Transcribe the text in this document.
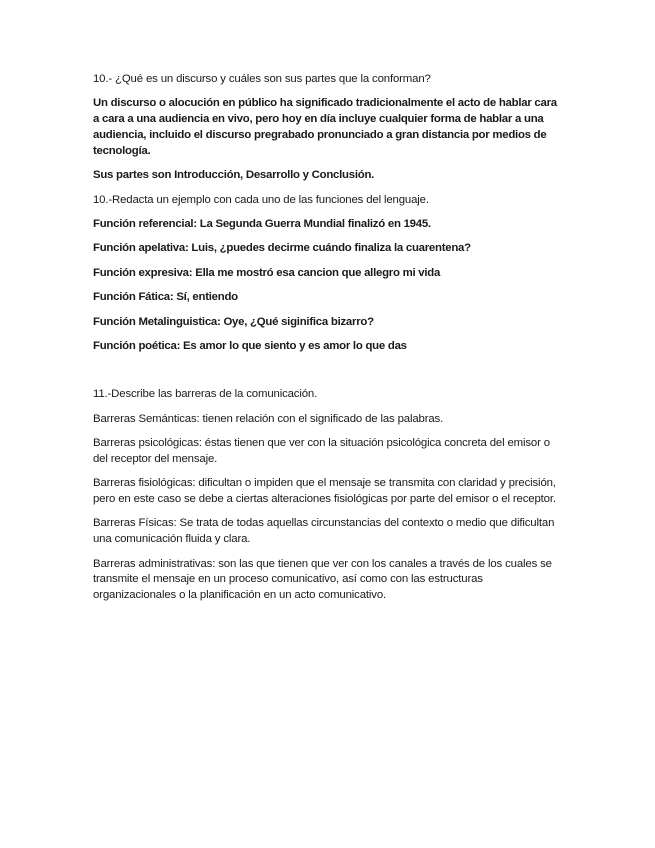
10.- ¿Qué es un discurso y cuáles son sus partes que la conforman?

Un discurso o alocución en público ha significado tradicionalmente el acto de hablar cara a cara a una audiencia en vivo, pero hoy en día incluye cualquier forma de hablar a una audiencia, incluido el discurso pregrabado pronunciado a gran distancia por medios de tecnología.

Sus partes son Introducción, Desarrollo y Conclusión.

10.-Redacta un ejemplo con cada uno de las funciones del lenguaje.

Función referencial: La Segunda Guerra Mundial finalizó en 1945.

Función apelativa: Luis, ¿puedes decirme cuándo finaliza la cuarentena?

Función expresiva: Ella me mostró esa cancion que allegro mi vida

Función Fática: Sí, entiendo

Función Metalinguistica: Oye, ¿Qué siginifica bizarro?

Función poética: Es amor lo que siento y es amor lo que das

11.-Describe las barreras de la comunicación.

Barreras Semánticas: tienen relación con el significado de las palabras.

Barreras psicológicas: éstas tienen que ver con la situación psicológica concreta del emisor o del receptor del mensaje.

Barreras fisiológicas: dificultan o impiden que el mensaje se transmita con claridad y precisión, pero en este caso se debe a ciertas alteraciones fisiológicas por parte del emisor o el receptor.

Barreras Físicas: Se trata de todas aquellas circunstancias del contexto o medio que dificultan una comunicación fluida y clara.

Barreras administrativas: son las que tienen que ver con los canales a través de los cuales se transmite el mensaje en un proceso comunicativo, así como con las estructuras organizacionales o la planificación en un acto comunicativo.
